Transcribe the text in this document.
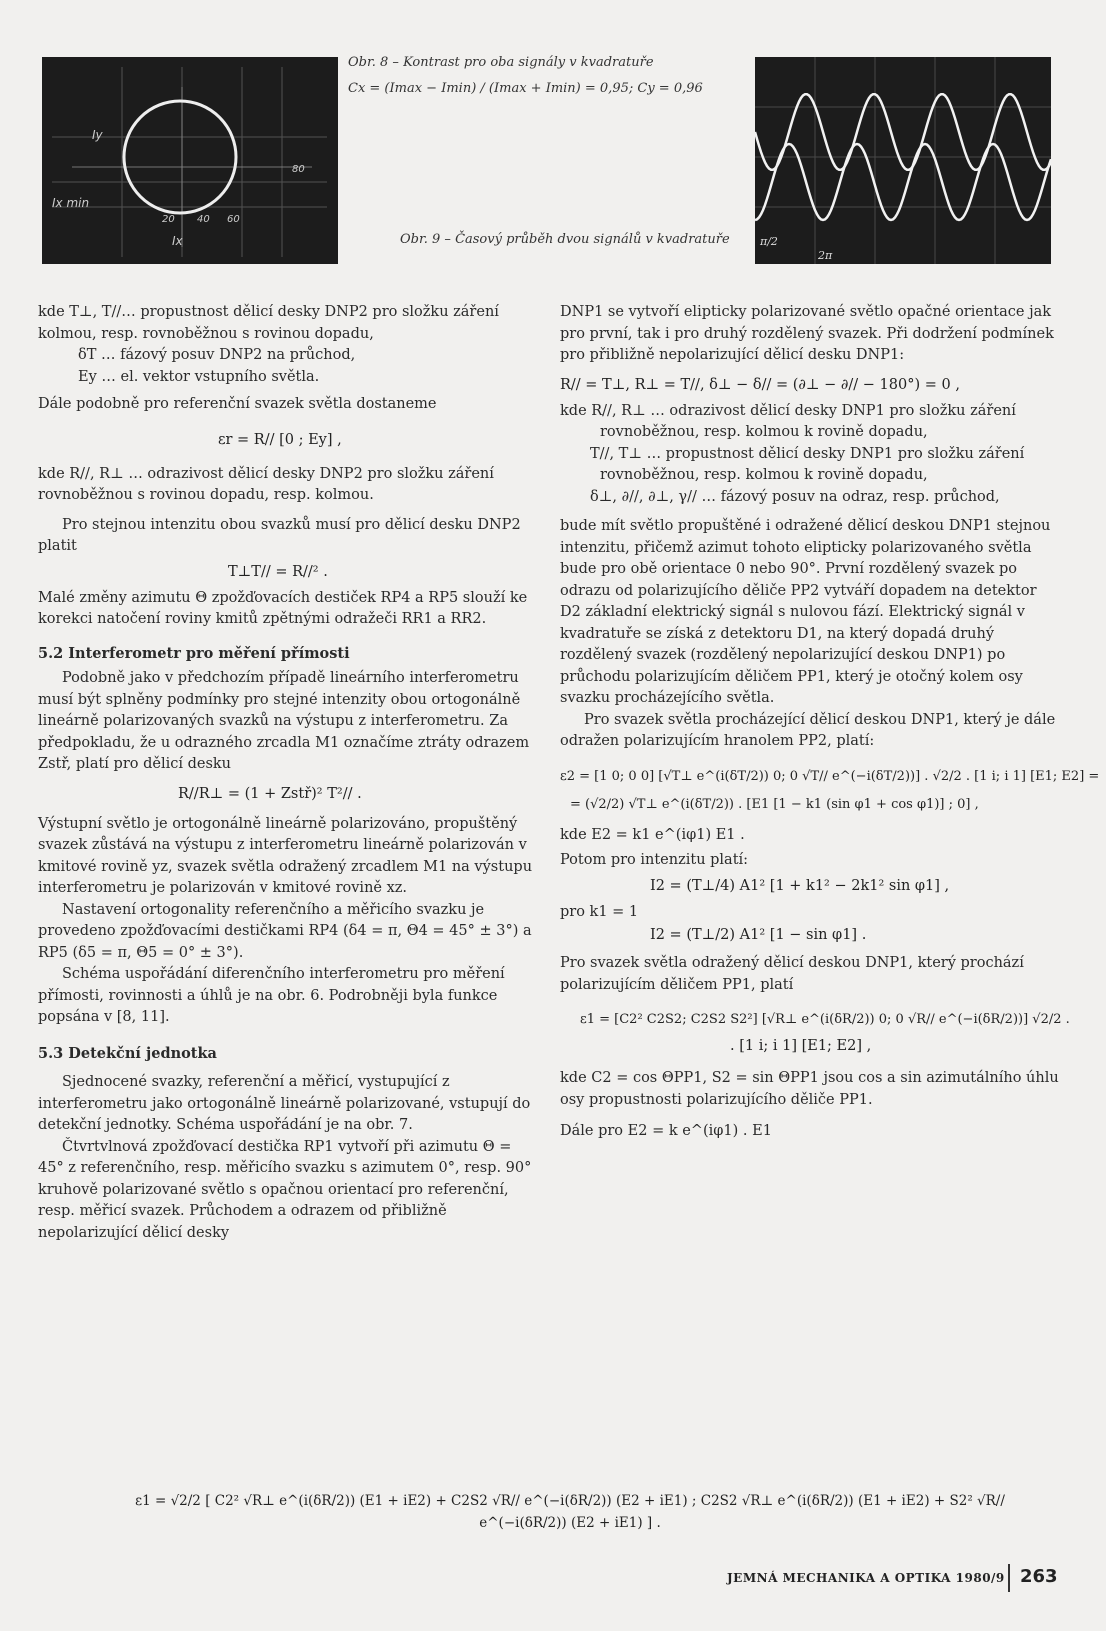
Iy
Ix min
Ix
20 40 60
80
Obr. 8 – Kontrast pro oba signály v kvadratuře
Cx = (Imax − Imin) / (Imax + Imin) = 0,95; Cy = 0,96
π/2
2π
Obr. 9 – Časový průběh dvou signálů v kvadratuře

kde T⊥, T//… propustnost dělicí desky DNP2 pro složku záření kolmou, resp. rovnoběžnou s rovinou dopadu,

δT … fázový posuv DNP2 na průchod,

Ey … el. vektor vstupního světla.

Dále podobně pro referenční svazek světla dostaneme

εr = R// [0 ; Ey] ,

kde R//, R⊥ … odrazivost dělicí desky DNP2 pro složku záření rovnoběžnou s rovinou dopadu, resp. kolmou.

Pro stejnou intenzitu obou svazků musí pro dělicí desku DNP2 platit

T⊥T// = R//² .

Malé změny azimutu Θ zpožďovacích destiček RP4 a RP5 slouží ke korekci natočení roviny kmitů zpětnými odražeči RR1 a RR2.

5.2 Interferometr pro měření přímosti

Podobně jako v předchozím případě lineárního interferometru musí být splněny podmínky pro stejné intenzity obou ortogonálně lineárně polarizovaných svazků na výstupu z interferometru. Za předpokladu, že u odrazného zrcadla M1 označíme ztráty odrazem Zstř, platí pro dělicí desku

R//R⊥ = (1 + Zstř)² T²// .

Výstupní světlo je ortogonálně lineárně polarizováno, propuštěný svazek zůstává na výstupu z interferometru lineárně polarizován v kmitové rovině yz, svazek světla odražený zrcadlem M1 na výstupu interferometru je polarizován v kmitové rovině xz.

Nastavení ortogonality referenčního a měřicího svazku je provedeno zpožďovacími destičkami RP4 (δ4 = π, Θ4 = 45° ± 3°) a RP5 (δ5 = π, Θ5 = 0° ± 3°).

Schéma uspořádání diferenčního interferometru pro měření přímosti, rovinnosti a úhlů je na obr. 6. Podrobněji byla funkce popsána v [8, 11].

5.3 Detekční jednotka

Sjednocené svazky, referenční a měřicí, vystupující z interferometru jako ortogonálně lineárně polarizované, vstupují do detekční jednotky. Schéma uspořádání je na obr. 7.

Čtvrtvlnová zpožďovací destička RP1 vytvoří při azimutu Θ = 45° z referenčního, resp. měřicího svazku s azimutem 0°, resp. 90° kruhově polarizované světlo s opačnou orientací pro referenční, resp. měřicí svazek. Průchodem a odrazem od přibližně nepolarizující dělicí desky

DNP1 se vytvoří elipticky polarizované světlo opačné orientace jak pro první, tak i pro druhý rozdělený svazek. Při dodržení podmínek pro přibližně nepolarizující dělicí desku DNP1:

R// = T⊥, R⊥ = T//, δ⊥ − δ// = (∂⊥ − ∂// − 180°) = 0 ,

kde R//, R⊥ … odrazivost dělicí desky DNP1 pro složku záření rovnoběžnou, resp. kolmou k rovině dopadu,

T//, T⊥ … propustnost dělicí desky DNP1 pro složku záření rovnoběžnou, resp. kolmou k rovině dopadu,

δ⊥, ∂//, ∂⊥, γ// … fázový posuv na odraz, resp. průchod,

bude mít světlo propuštěné i odražené dělicí deskou DNP1 stejnou intenzitu, přičemž azimut tohoto elipticky polarizovaného světla bude pro obě orientace 0 nebo 90°. První rozdělený svazek po odrazu od polarizujícího děliče PP2 vytváří dopadem na detektor D2 základní elektrický signál s nulovou fází. Elektrický signál v kvadratuře se získá z detektoru D1, na který dopadá druhý rozdělený svazek (rozdělený nepolarizující deskou DNP1) po průchodu polarizujícím děličem PP1, který je otočný kolem osy svazku procházejícího světla.

Pro svazek světla procházející dělicí deskou DNP1, který je dále odražen polarizujícím hranolem PP2, platí:

ε2 = [1 0; 0 0] [√T⊥ e^(i(δT/2)) 0; 0 √T// e^(−i(δT/2))] . √2/2 . [1 i; i 1] [E1; E2] =
= (√2/2) √T⊥ e^(i(δT/2)) . [E1 [1 − k1 (sin φ1 + cos φ1)] ; 0] ,

kde E2 = k1 e^(iφ1) E1 .

Potom pro intenzitu platí:

I2 = (T⊥/4) A1² [1 + k1² − 2k1² sin φ1] ,

pro k1 = 1

I2 = (T⊥/2) A1² [1 − sin φ1] .

Pro svazek světla odražený dělicí deskou DNP1, který prochází polarizujícím děličem PP1, platí

ε1 = [C2² C2S2; C2S2 S2²] [√R⊥ e^(i(δR/2)) 0; 0 √R// e^(−i(δR/2))] √2/2 .
. [1 i; i 1] [E1; E2] ,

kde C2 = cos ΘPP1, S2 = sin ΘPP1 jsou cos a sin azimutálního úhlu osy propustnosti polarizujícího děliče PP1.

Dále pro E2 = k e^(iφ1) . E1

ε1 = √2/2 [ C2² √R⊥ e^(i(δR/2)) (E1 + iE2) + C2S2 √R// e^(−i(δR/2)) (E2 + iE1) ; C2S2 √R⊥ e^(i(δR/2)) (E1 + iE2) + S2² √R// e^(−i(δR/2)) (E2 + iE1) ] .
JEMNÁ MECHANIKA A OPTIKA 1980/9 263
